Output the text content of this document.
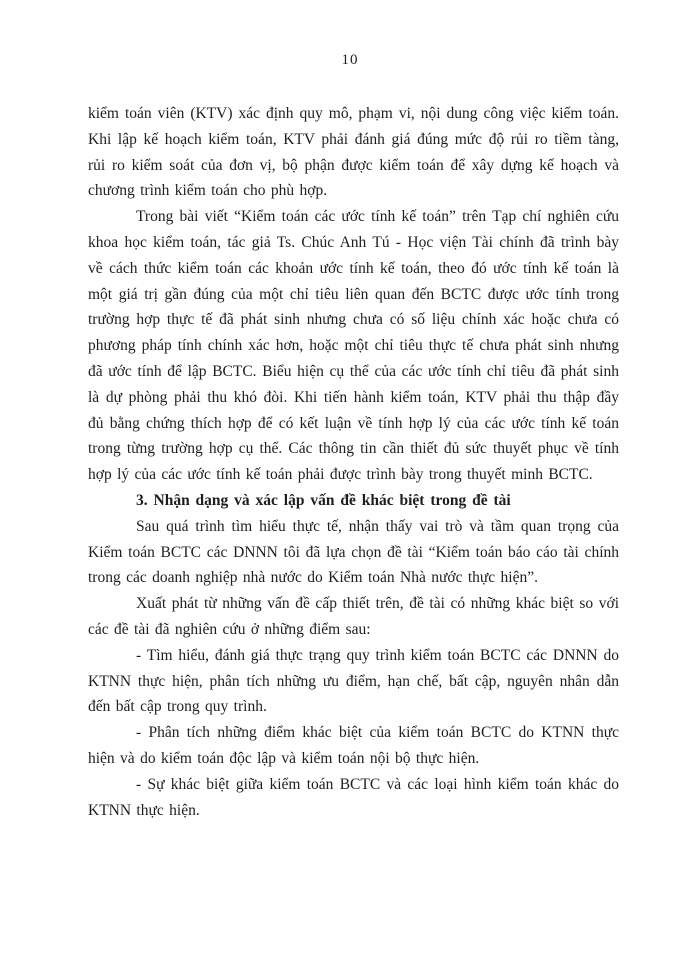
10

kiểm toán viên (KTV) xác định quy mô, phạm vi, nội dung công việc kiểm toán. Khi lập kế hoạch kiểm toán, KTV phải đánh giá đúng mức độ rủi ro tiềm tàng, rủi ro kiểm soát của đơn vị, bộ phận được kiểm toán để xây dựng kế hoạch và chương trình kiểm toán cho phù hợp.

Trong bài viết “Kiểm toán các ước tính kế toán” trên Tạp chí nghiên cứu khoa học kiểm toán, tác giả Ts. Chúc Anh Tú - Học viện Tài chính đã trình bày về cách thức kiểm toán các khoản ước tính kế toán, theo đó ước tính kế toán là một giá trị gần đúng của một chỉ tiêu liên quan đến BCTC được ước tính trong trường hợp thực tế đã phát sinh nhưng chưa có số liệu chính xác hoặc chưa có phương pháp tính chính xác hơn, hoặc một chỉ tiêu thực tế chưa phát sinh nhưng đã ước tính để lập BCTC. Biểu hiện cụ thể của các ước tính chỉ tiêu đã phát sinh là dự phòng phải thu khó đòi. Khi tiến hành kiểm toán, KTV phải thu thập đầy đủ bằng chứng thích hợp để có kết luận về tính hợp lý của các ước tính kế toán trong từng trường hợp cụ thể. Các thông tin cần thiết đủ sức thuyết phục về tính hợp lý của các ước tính kế toán phải được trình bày trong thuyết minh BCTC.

3. Nhận dạng và xác lập vấn đề khác biệt trong đề tài

Sau quá trình tìm hiểu thực tế, nhận thấy vai trò và tầm quan trọng của Kiểm toán BCTC các DNNN tôi đã lựa chọn đề tài “Kiểm toán báo cáo tài chính trong các doanh nghiệp nhà nước do Kiểm toán Nhà nước thực hiện”.

Xuất phát từ những vấn đề cấp thiết trên, đề tài có những khác biệt so với các đề tài đã nghiên cứu ở những điểm sau:

- Tìm hiểu, đánh giá thực trạng quy trình kiểm toán BCTC các DNNN do KTNN thực hiện, phân tích những ưu điểm, hạn chế, bất cập, nguyên nhân dẫn đến bất cập trong quy trình.

- Phân tích những điểm khác biệt của kiểm toán BCTC do KTNN thực hiện và do kiểm toán độc lập và kiểm toán nội bộ thực hiện.

- Sự khác biệt giữa kiểm toán BCTC và các loại hình kiểm toán khác do KTNN thực hiện.
